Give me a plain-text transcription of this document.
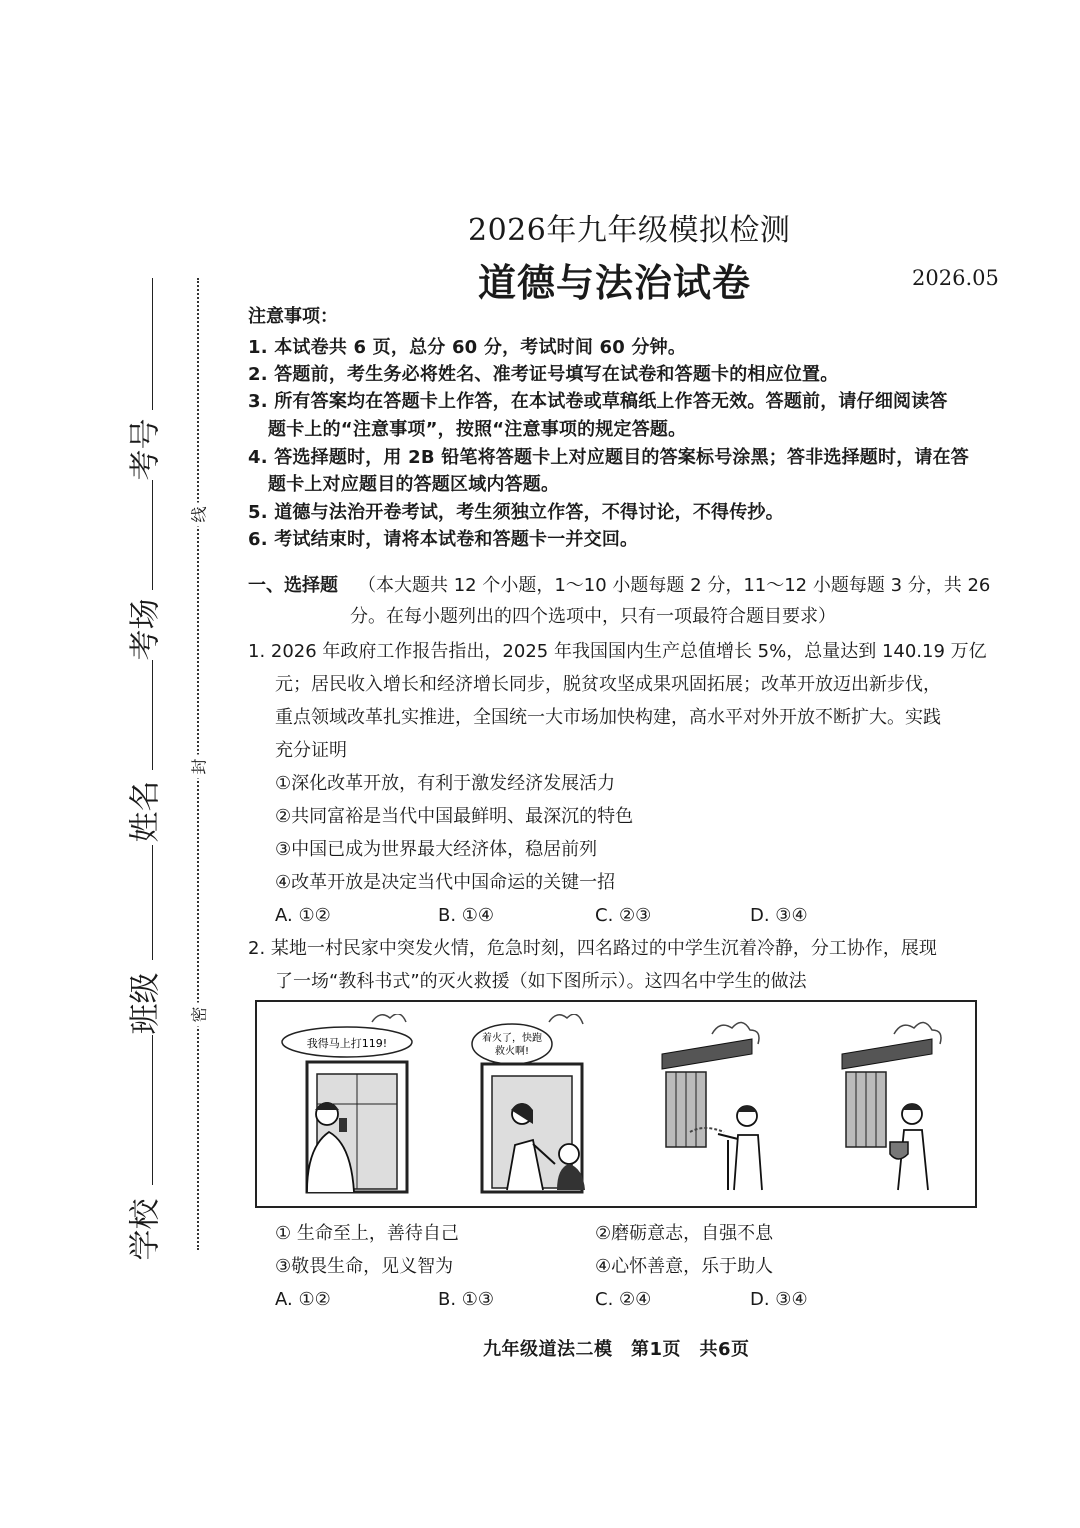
考号
考场
姓名
班级
学校
线
封
密
2026年九年级模拟检测
道德与法治试卷	2026.05
注意事项：
1. 本试卷共 6 页，总分 60 分，考试时间 60 分钟。
2. 答题前，考生务必将姓名、准考证号填写在试卷和答题卡的相应位置。
3. 所有答案均在答题卡上作答，在本试卷或草稿纸上作答无效。答题前，请仔细阅读答
题卡上的“注意事项”，按照“注意事项的规定答题。
4. 答选择题时，用 2B 铅笔将答题卡上对应题目的答案标号涂黑；答非选择题时，请在答
题卡上对应题目的答题区域内答题。
5. 道德与法治开卷考试，考生须独立作答，不得讨论，不得传抄。
6. 考试结束时，请将本试卷和答题卡一并交回。
一、选择题 （本大题共 12 个小题，1～10 小题每题 2 分，11～12 小题每题 3 分，共 26
分。在每小题列出的四个选项中，只有一项最符合题目要求）
1. 2026 年政府工作报告指出，2025 年我国国内生产总值增长 5%，总量达到 140.19 万亿
元；居民收入增长和经济增长同步，脱贫攻坚成果巩固拓展；改革开放迈出新步伐，
重点领域改革扎实推进，全国统一大市场加快构建，高水平对外开放不断扩大。实践
充分证明
①深化改革开放，有利于激发经济发展活力
②共同富裕是当代中国最鲜明、最深沉的特色
③中国已成为世界最大经济体，稳居前列
④改革开放是决定当代中国命运的关键一招
A. ①②	B. ①④	C. ②③	D. ③④
2. 某地一村民家中突发火情，危急时刻，四名路过的中学生沉着冷静，分工协作，展现
了一场“教科书式”的灭火救援（如下图所示）。这四名中学生的做法
我得马上打119!	着火了，快跑
救火啊!
① 生命至上，善待自己	②磨砺意志，自强不息
③敬畏生命，见义智为	④心怀善意，乐于助人
A. ①②	B. ①③	C. ②④	D. ③④
九年级道法二模　第1页　共6页
